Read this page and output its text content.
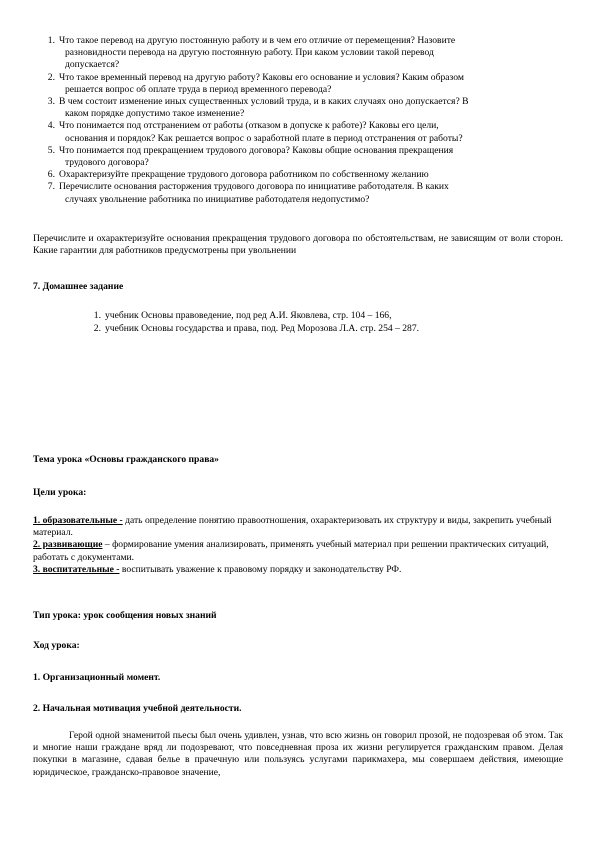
1. Что такое перевод на другую постоянную работу и в чем его отличие от перемещения? Назовите
разновидности перевода на другую постоянную работу. При каком условии такой перевод
допускается?
2. Что такое временный перевод на другую работу? Каковы его основание и условия? Каким образом
решается вопрос об оплате труда в период временного перевода?
3. В чем состоит изменение иных существенных условий труда, и в каких случаях оно допускается? В
каком порядке допустимо такое изменение?
4. Что понимается под отстранением от работы (отказом в допуске к работе)? Каковы его цели,
основания и порядок? Как решается вопрос о заработной плате в период отстранения от работы?
5. Что понимается под прекращением трудового договора? Каковы общие основания прекращения
трудового договора?
6. Охарактеризуйте прекращение трудового договора работником по собственному желанию
7. Перечислите основания расторжения трудового договора по инициативе работодателя. В каких
случаях увольнение работника по инициативе работодателя недопустимо?
Перечислите и охарактеризуйте основания прекращения трудового договора по обстоятельствам, не зависящим от воли сторон. Какие гарантии для работников предусмотрены при увольнении
7. Домашнее задание
1. учебник Основы правоведение, под ред А.И. Яковлева, стр. 104 – 166,
2. учебник Основы государства и права, под. Ред Морозова Л.А. стр. 254 – 287.
Тема урока «Основы гражданского права»
Цели урока:
1. образовательные - дать определение понятию правоотношения, охарактеризовать их структуру и виды, закрепить учебный материал.
2. развивающие – формирование умения анализировать, применять учебный материал при решении практических ситуаций, работать с документами.
3. воспитательные - воспитывать уважение к правовому порядку и законодательству РФ.
Тип урока: урок сообщения новых знаний
Ход урока:
1. Организационный момент.
2. Начальная мотивация учебной деятельности.
Герой одной знаменитой пьесы был очень удивлен, узнав, что всю жизнь он говорил прозой, не подозревая об этом. Так и многие наши граждане вряд ли подозревают, что повседневная проза их жизни регулируется гражданским правом. Делая покупки в магазине, сдавая белье в прачечную или пользуясь услугами парикмахера, мы совершаем действия, имеющие юридическое, гражданско-правовое значение,
